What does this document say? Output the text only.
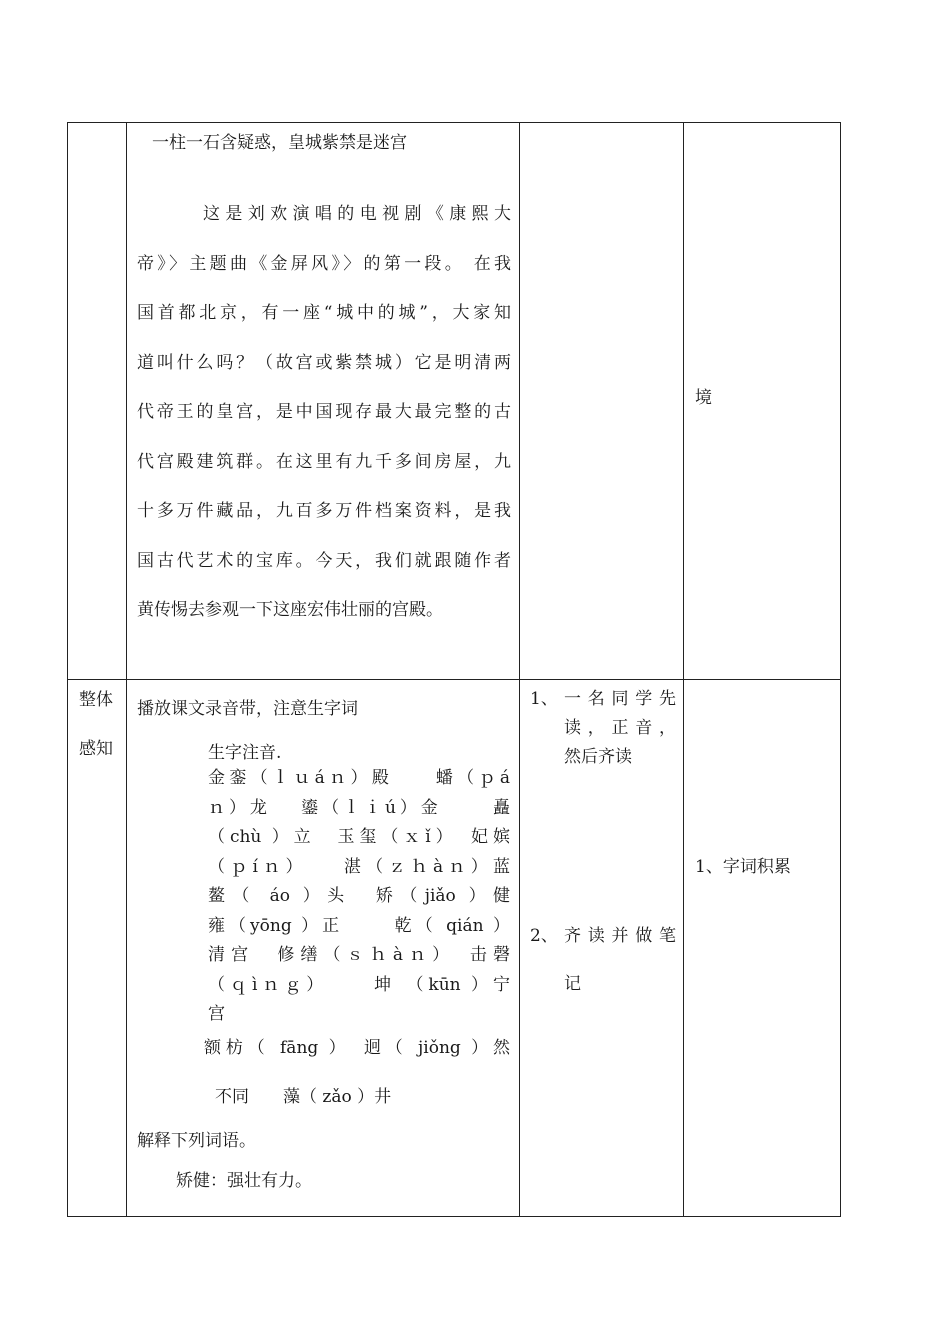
一柱一石含疑惑，皇城紫禁是迷宫
这是刘欢演唱的电视剧《康熙大
帝》〉主题曲《金屏风》〉的第一段。 在我
国首都北京，有一座“城中的城”，大家知
道叫什么吗？（故宫或紫禁城）它是明清两
代帝王的皇宫，是中国现存最大最完整的古
代宫殿建筑群。在这里有九千多间房屋，九
十多万件藏品，九百多万件档案资料，是我
国古代艺术的宝库。今天，我们就跟随作者
黄传惕去参观一下这座宏伟壮丽的宫殿。
境
整体
感知
播放课文录音带，注意生字词
生字注音.
金銮（ｌｕáｎ）殿　　蟠（ｐá
ｎ）龙　 鎏（ｌｉú）金　　 矗
（chù ）立　玉玺（ｘǐ）　妃嫔
（ｐíｎ）　　湛（ｚｈàｎ）蓝
鳌（ áo ）头　矫（jiǎo ）健
雍（yōng ）正　　 乾（ qián ）
清宫　修缮（ｓｈàｎ）　击磬
（ｑìｎｇ）　　 坤 （kūn ）宁
宫
额枋（ fāng ）　迥（ jiǒng ）然
不同　　藻（ zǎo ）井
解释下列词语。
矫健：强壮有力。
1、 一名同学先
读，正音，
然后齐读
2、 齐读并做笔
记
1、字词积累
